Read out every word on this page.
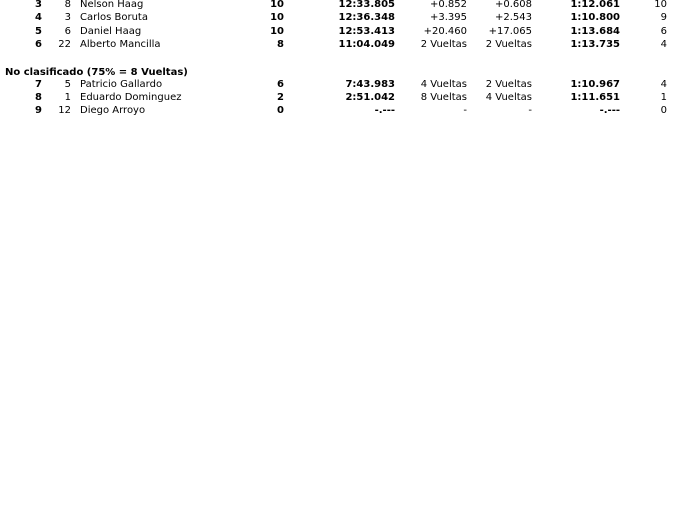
3	8 Nelson Haag	10	12:33.805	+0.852	+0.608	1:12.061	10
4	3 Carlos Boruta	10	12:36.348	+3.395	+2.543	1:10.800	9
5	6 Daniel Haag	10	12:53.413	+20.460	+17.065	1:13.684	6
6	22 Alberto Mancilla	8	11:04.049	2 Vueltas	2 Vueltas	1:13.735	4
No clasificado (75% = 8 Vueltas)
7	5 Patricio Gallardo	6	7:43.983	4 Vueltas	2 Vueltas	1:10.967	4
8	1 Eduardo Dominguez	2	2:51.042	8 Vueltas	4 Vueltas	1:11.651	1
9	12 Diego Arroyo	0	-.---	-	-	-.---	0
